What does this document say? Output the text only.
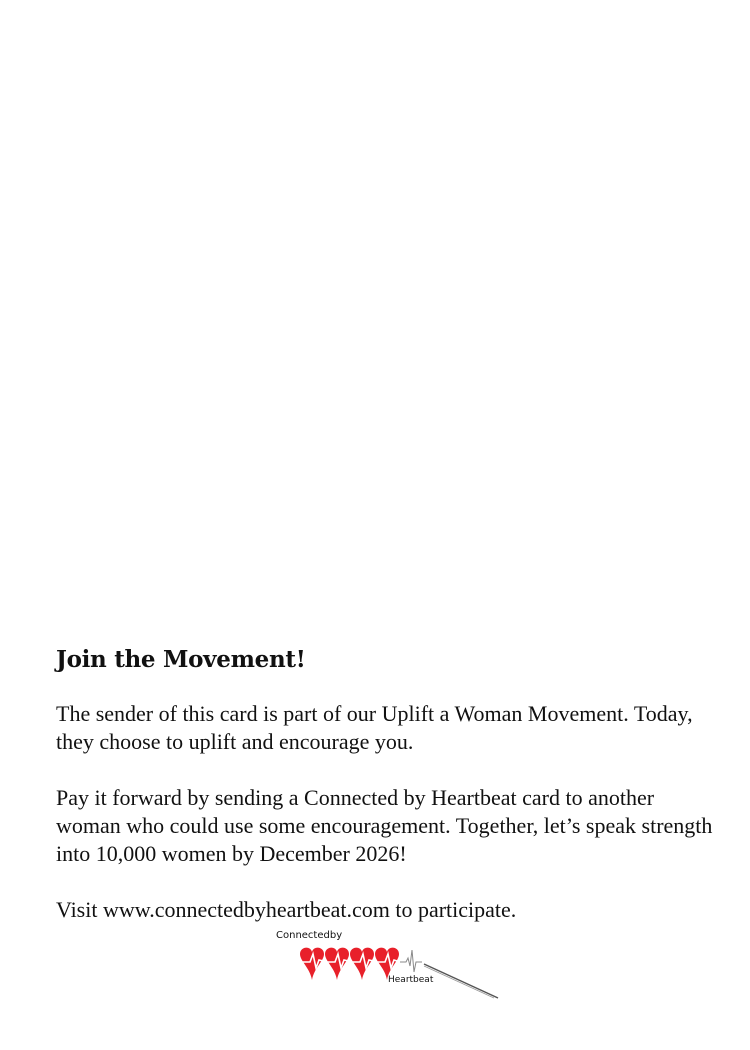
Join the Movement!

The sender of this card is part of our Uplift a Woman Movement. Today, they choose to uplift and encourage you.

Pay it forward by sending a Connected by Heartbeat card to another woman who could use some encouragement. Together, let’s speak strength into 10,000 women by December 2026!

Visit www.connectedbyheartbeat.com to participate.

Connectedby
Heartbeat
